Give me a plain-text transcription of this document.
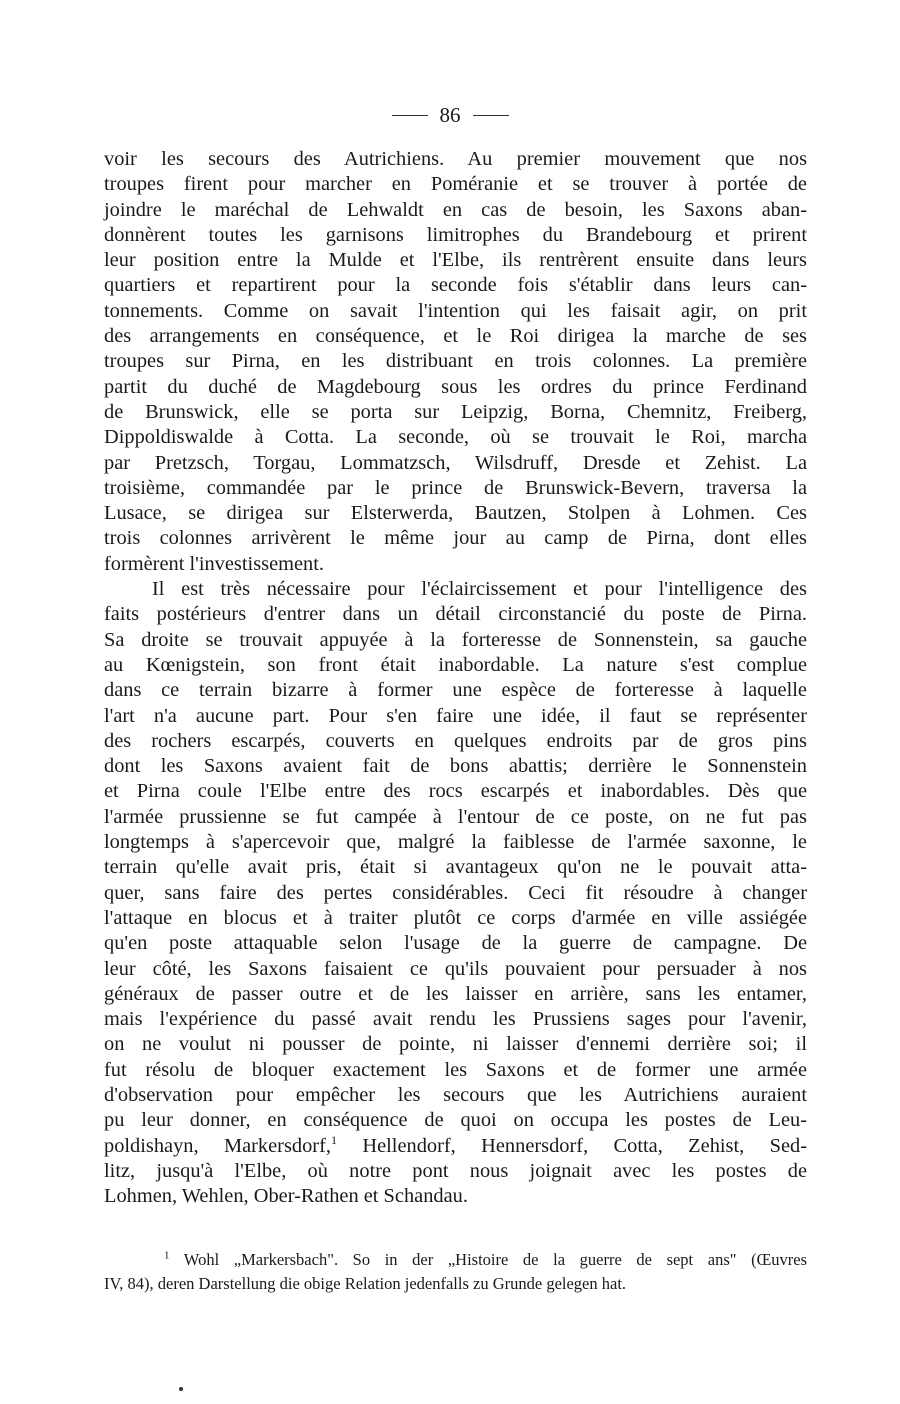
86
voir les secours des Autrichiens. Au premier mouvement que nos
troupes firent pour marcher en Poméranie et se trouver à portée de
joindre le maréchal de Lehwaldt en cas de besoin, les Saxons aban-
donnèrent toutes les garnisons limitrophes du Brandebourg et prirent
leur position entre la Mulde et l'Elbe, ils rentrèrent ensuite dans leurs
quartiers et repartirent pour la seconde fois s'établir dans leurs can-
tonnements. Comme on savait l'intention qui les faisait agir, on prit
des arrangements en conséquence, et le Roi dirigea la marche de ses
troupes sur Pirna, en les distribuant en trois colonnes. La première
partit du duché de Magdebourg sous les ordres du prince Ferdinand
de Brunswick, elle se porta sur Leipzig, Borna, Chemnitz, Freiberg,
Dippoldiswalde à Cotta. La seconde, où se trouvait le Roi, marcha
par Pretzsch, Torgau, Lommatzsch, Wilsdruff, Dresde et Zehist. La
troisième, commandée par le prince de Brunswick-Bevern, traversa la
Lusace, se dirigea sur Elsterwerda, Bautzen, Stolpen à Lohmen. Ces
trois colonnes arrivèrent le même jour au camp de Pirna, dont elles
formèrent l'investissement.
Il est très nécessaire pour l'éclaircissement et pour l'intelligence des
faits postérieurs d'entrer dans un détail circonstancié du poste de Pirna.
Sa droite se trouvait appuyée à la forteresse de Sonnenstein, sa gauche
au Kœnigstein, son front était inabordable. La nature s'est complue
dans ce terrain bizarre à former une espèce de forteresse à laquelle
l'art n'a aucune part. Pour s'en faire une idée, il faut se représenter
des rochers escarpés, couverts en quelques endroits par de gros pins
dont les Saxons avaient fait de bons abattis; derrière le Sonnenstein
et Pirna coule l'Elbe entre des rocs escarpés et inabordables. Dès que
l'armée prussienne se fut campée à l'entour de ce poste, on ne fut pas
longtemps à s'apercevoir que, malgré la faiblesse de l'armée saxonne, le
terrain qu'elle avait pris, était si avantageux qu'on ne le pouvait atta-
quer, sans faire des pertes considérables. Ceci fit résoudre à changer
l'attaque en blocus et à traiter plutôt ce corps d'armée en ville assiégée
qu'en poste attaquable selon l'usage de la guerre de campagne. De
leur côté, les Saxons faisaient ce qu'ils pouvaient pour persuader à nos
généraux de passer outre et de les laisser en arrière, sans les entamer,
mais l'expérience du passé avait rendu les Prussiens sages pour l'avenir,
on ne voulut ni pousser de pointe, ni laisser d'ennemi derrière soi; il
fut résolu de bloquer exactement les Saxons et de former une armée
d'observation pour empêcher les secours que les Autrichiens auraient
pu leur donner, en conséquence de quoi on occupa les postes de Leu-
poldishayn, Markersdorf,$^1$ Hellendorf, Hennersdorf, Cotta, Zehist, Sed-
litz, jusqu'à l'Elbe, où notre pont nous joignait avec les postes de
Lohmen, Wehlen, Ober-Rathen et Schandau.
$^1$ Wohl „Markersbach". So in der „Histoire de la guerre de sept ans" (Œuvres
IV, 84), deren Darstellung die obige Relation jedenfalls zu Grunde gelegen hat.
